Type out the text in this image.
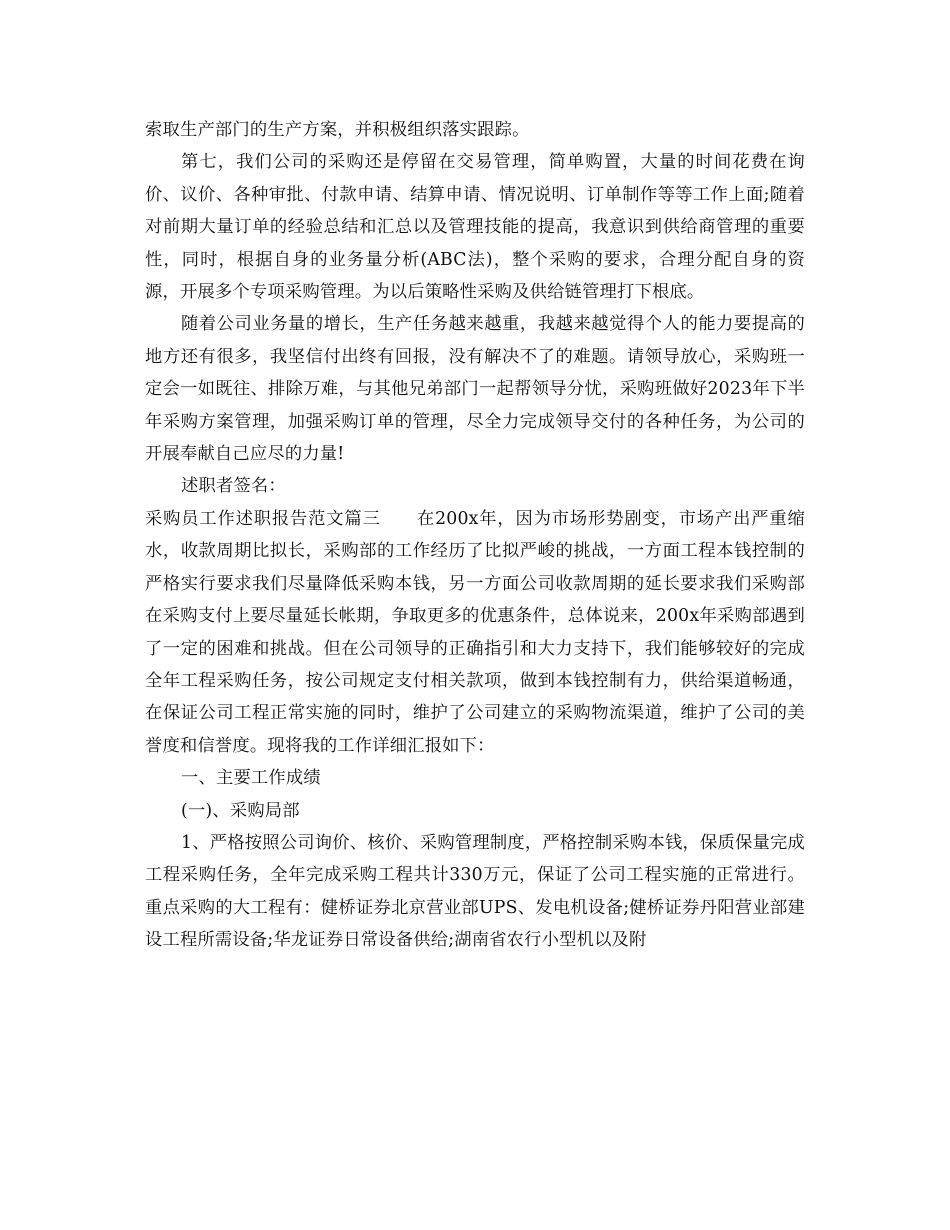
索取生产部门的生产方案，并积极组织落实跟踪。

第七，我们公司的采购还是停留在交易管理，简单购置，大量的时间花费在询价、议价、各种审批、付款申请、结算申请、情况说明、订单制作等等工作上面;随着对前期大量订单的经验总结和汇总以及管理技能的提高，我意识到供给商管理的重要性，同时，根据自身的业务量分析(ABC法)，整个采购的要求，合理分配自身的资源，开展多个专项采购管理。为以后策略性采购及供给链管理打下根底。

随着公司业务量的增长，生产任务越来越重，我越来越觉得个人的能力要提高的地方还有很多，我坚信付出终有回报，没有解决不了的难题。请领导放心，采购班一定会一如既往、排除万难，与其他兄弟部门一起帮领导分忧，采购班做好2023年下半年采购方案管理，加强采购订单的管理，尽全力完成领导交付的各种任务，为公司的开展奉献自己应尽的力量!

述职者签名：

采购员工作述职报告范文篇三　　在200x年，因为市场形势剧变，市场产出严重缩水，收款周期比拟长，采购部的工作经历了比拟严峻的挑战，一方面工程本钱控制的严格实行要求我们尽量降低采购本钱，另一方面公司收款周期的延长要求我们采购部在采购支付上要尽量延长帐期，争取更多的优惠条件，总体说来，200x年采购部遇到了一定的困难和挑战。但在公司领导的正确指引和大力支持下，我们能够较好的完成全年工程采购任务，按公司规定支付相关款项，做到本钱控制有力，供给渠道畅通，在保证公司工程正常实施的同时，维护了公司建立的采购物流渠道，维护了公司的美誉度和信誉度。现将我的工作详细汇报如下：

一、主要工作成绩

(一)、采购局部

1、严格按照公司询价、核价、采购管理制度，严格控制采购本钱，保质保量完成工程采购任务，全年完成采购工程共计330万元，保证了公司工程实施的正常进行。重点采购的大工程有：健桥证券北京营业部UPS、发电机设备;健桥证券丹阳营业部建设工程所需设备;华龙证券日常设备供给;湖南省农行小型机以及附
